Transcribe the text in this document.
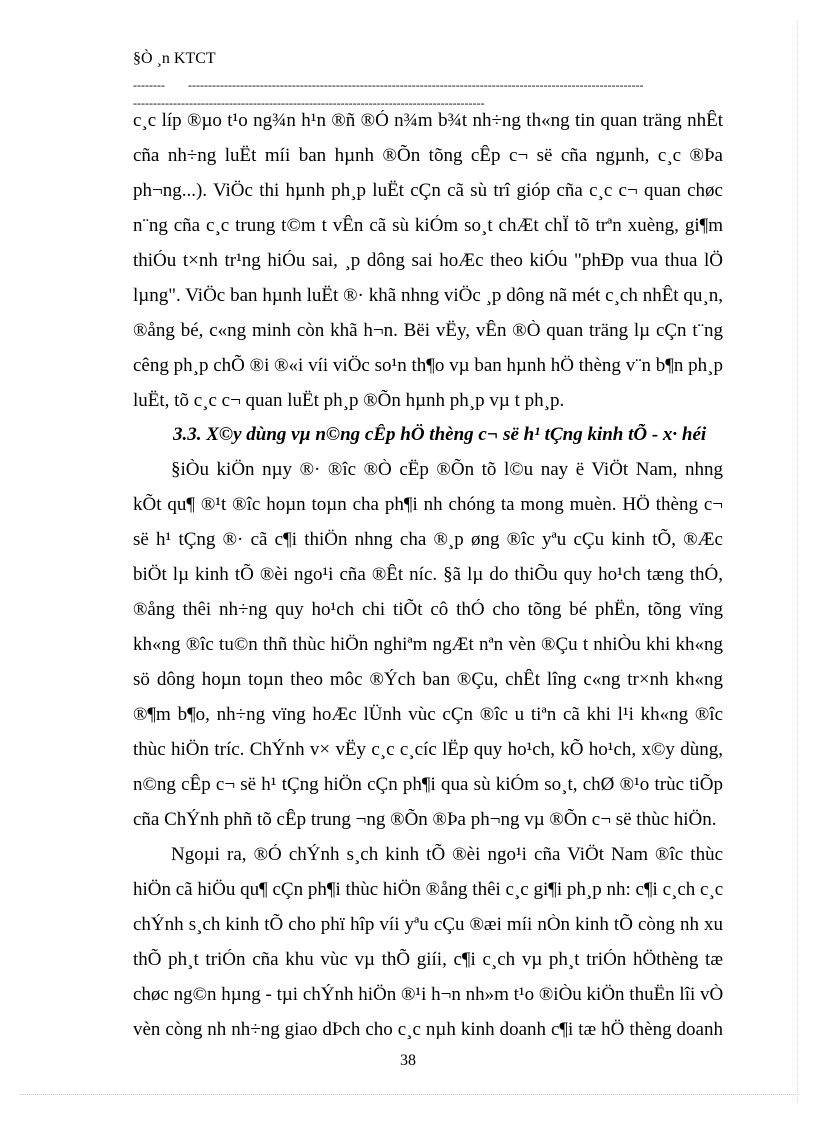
§Ò ¸n KTCT
--------	------------------------------------------------------------------------------------------------------------------
----------------------------------------------------------------------------------------
c¸c líp ®µo t¹o ng¾n h¹n ®ñ ®Ó n¾m b¾t nh÷ng th«ng tin quan träng nhÊt
cña nh÷ng luËt míi ban hµnh ®Õn tõng cÊp c¬ së cña ngµnh, c¸c ®Þa
ph¬ng...). ViÖc thi hµnh ph¸p luËt cÇn cã sù trî gióp cña c¸c c¬ quan chøc
n¨ng cña c¸c trung t©m t vÊn cã sù kiÓm so¸t chÆt chÏ tõ trªn xuèng, gi¶m
thiÓu t×nh tr¹ng hiÓu sai, ¸p dông sai hoÆc theo kiÓu "phÐp vua thua lÖ
lµng". ViÖc ban hµnh luËt ®· khã nhng viÖc ¸p dông nã mét c¸ch nhÊt qu¸n,
®ång bé, c«ng minh còn khã h¬n. Bëi vËy, vÊn ®Ò quan träng lµ cÇn t¨ng
cêng ph¸p chÕ ®i ®«i víi viÖc so¹n th¶o vµ ban hµnh hÖ thèng v¨n b¶n ph¸p
luËt, tõ c¸c c¬ quan luËt ph¸p ®Õn hµnh ph¸p vµ t ph¸p.
3.3. X©y dùng vµ n©ng cÊp hÖ thèng c¬ së h¹ tÇng kinh tÕ - x· héi
§iÒu kiÖn nµy ®· ®îc ®Ò cËp ®Õn tõ l©u nay ë ViÖt Nam, nhng
kÕt qu¶ ®¹t ®îc hoµn toµn cha ph¶i nh chóng ta mong muèn. HÖ thèng c¬
së h¹ tÇng ®· cã c¶i thiÖn nhng cha ®¸p øng ®îc yªu cÇu kinh tÕ, ®Æc
biÖt lµ kinh tÕ ®èi ngo¹i cña ®Êt níc. §ã lµ do thiÕu quy ho¹ch tæng thÓ,
®ång thêi nh÷ng quy ho¹ch chi tiÕt cô thÓ cho tõng bé phËn, tõng vïng
kh«ng ®îc tu©n thñ thùc hiÖn nghiªm ngÆt nªn vèn ®Çu t nhiÒu khi kh«ng
sö dông hoµn toµn theo môc ®Ých ban ®Çu, chÊt lîng c«ng tr×nh kh«ng
®¶m b¶o, nh÷ng vïng hoÆc lÜnh vùc cÇn ®îc u tiªn cã khi l¹i kh«ng ®îc
thùc hiÖn tríc. ChÝnh v× vËy c¸c c¸cíc lËp quy ho¹ch, kÕ ho¹ch, x©y dùng,
n©ng cÊp c¬ së h¹ tÇng hiÖn cÇn ph¶i qua sù kiÓm so¸t, chØ ®¹o trùc tiÕp
cña ChÝnh phñ tõ cÊp trung ¬ng ®Õn ®Þa ph¬ng vµ ®Õn c¬ së thùc hiÖn.
Ngoµi ra, ®Ó chÝnh s¸ch kinh tÕ ®èi ngo¹i cña ViÖt Nam ®îc thùc
hiÖn cã hiÖu qu¶ cÇn ph¶i thùc hiÖn ®ång thêi c¸c gi¶i ph¸p nh: c¶i c¸ch c¸c
chÝnh s¸ch kinh tÕ cho phï hîp víi yªu cÇu ®æi míi nÒn kinh tÕ còng nh xu
thÕ ph¸t triÓn cña khu vùc vµ thÕ giíi, c¶i c¸ch vµ ph¸t triÓn hÖthèng tæ
chøc ng©n hµng - tµi chÝnh hiÖn ®¹i h¬n nh»m t¹o ®iÒu kiÖn thuËn lîi vÒ
vèn còng nh nh÷ng giao dÞch cho c¸c nµh kinh doanh c¶i tæ hÖ thèng doanh
38
